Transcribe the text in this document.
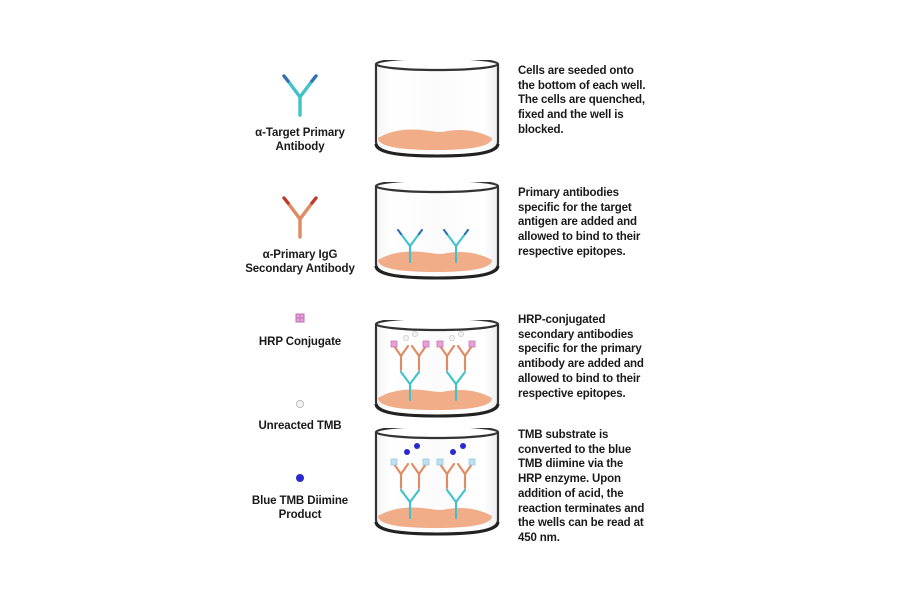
α-Target Primary Antibody
Cells are seeded onto
the bottom of each well.
The cells are quenched,
fixed and the well is
blocked.
α-Primary IgG Secondary Antibody
Primary antibodies
specific for the target
antigen are added and
allowed to bind to their
respective epitopes.
HRP Conjugate
Unreacted TMB
HRP-conjugated
secondary antibodies
specific for the primary
antibody are added and
allowed to bind to their
respective epitopes.
Blue TMB Diimine Product
TMB substrate is
converted to the blue
TMB diimine via the
HRP enzyme. Upon
addition of acid, the
reaction terminates and
the wells can be read at
450 nm.
